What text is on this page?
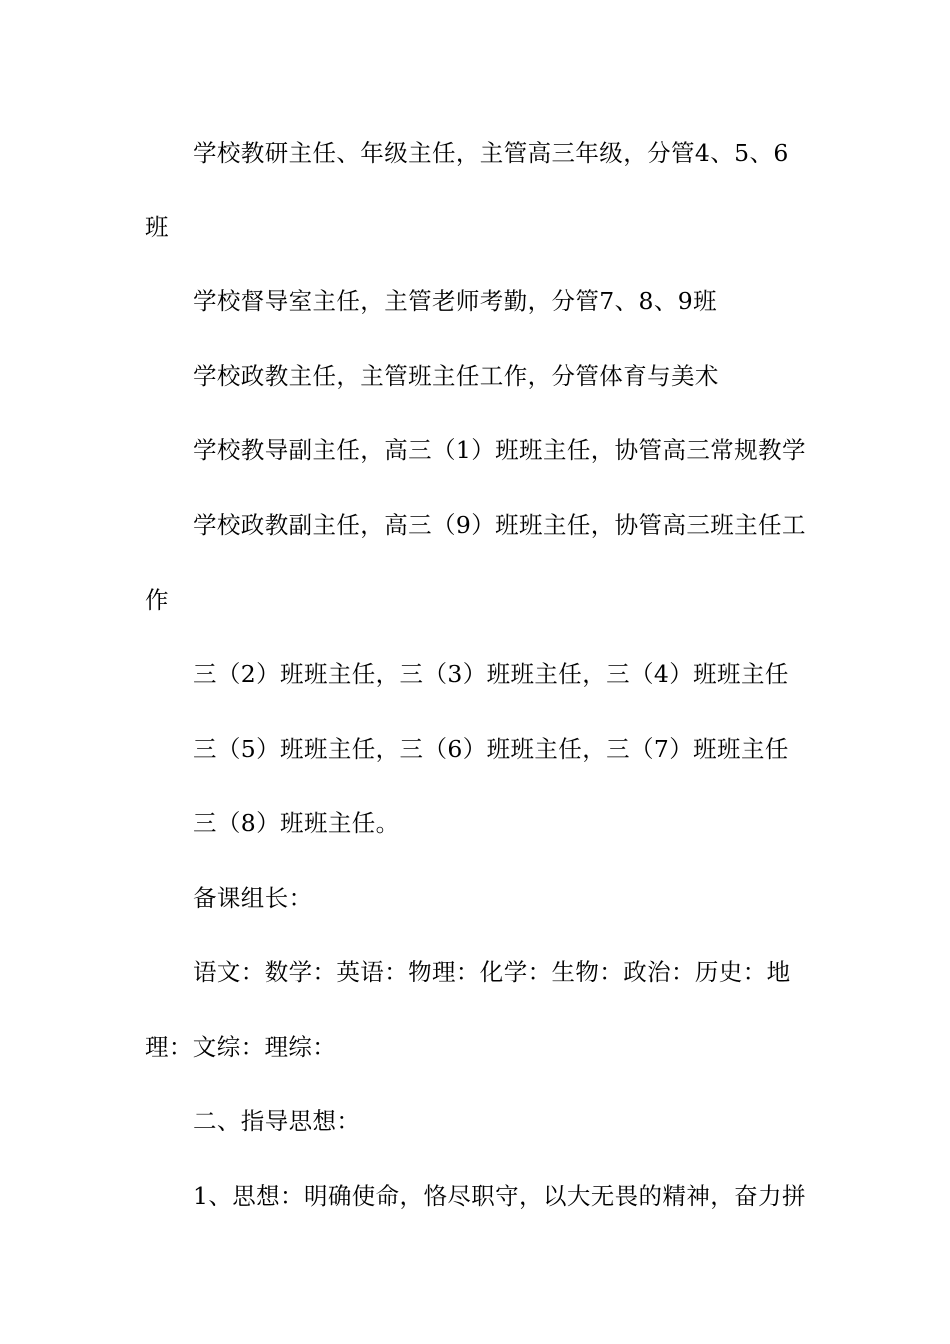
学校教研主任、年级主任，主管高三年级，分管4、5、6

班

学校督导室主任，主管老师考勤，分管7、8、9班

学校政教主任，主管班主任工作，分管体育与美术

学校教导副主任，高三（1）班班主任，协管高三常规教学

学校政教副主任，高三（9）班班主任，协管高三班主任工

作

三（2）班班主任，三（3）班班主任，三（4）班班主任

三（5）班班主任，三（6）班班主任，三（7）班班主任

三（8）班班主任。

备课组长：

语文：数学：英语：物理：化学：生物：政治：历史：地

理：文综：理综：

二、指导思想：

1、思想：明确使命，恪尽职守，以大无畏的精神，奋力拼
